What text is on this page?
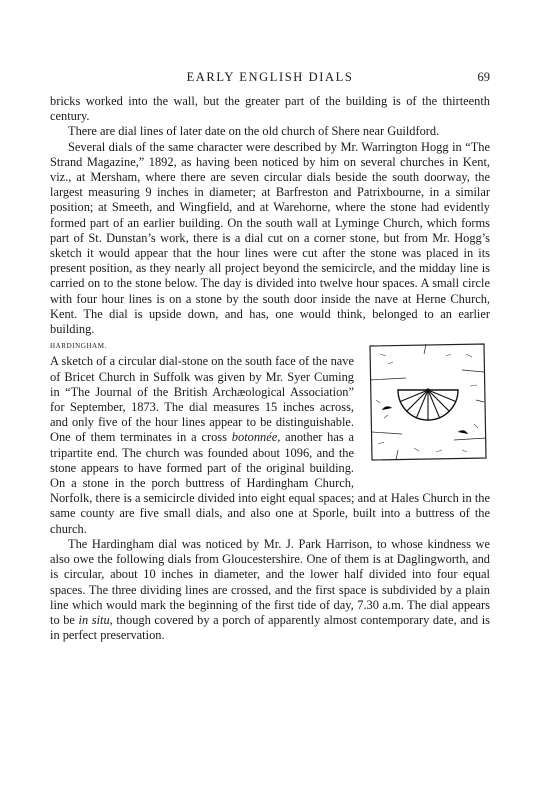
EARLY ENGLISH DIALS	69

bricks worked into the wall, but the greater part of the building is of the thirteenth century.

There are dial lines of later date on the old church of Shere near Guildford.

Several dials of the same character were described by Mr. Warrington Hogg in “The Strand Magazine,” 1892, as having been noticed by him on several churches in Kent, viz., at Mersham, where there are seven circular dials beside the south doorway, the largest measuring 9 inches in diameter; at Barfreston and Patrixbourne, in a similar position; at Smeeth, and Wingfield, and at Warehorne, where the stone had evidently formed part of an earlier building. On the south wall at Lyminge Church, which forms part of St. Dunstan’s work, there is a dial cut on a corner stone, but from Mr. Hogg’s sketch it would appear that the hour lines were cut after the stone was placed in its present position, as they nearly all project beyond the semicircle, and the midday line is carried on to the stone below. The day is divided into twelve hour spaces. A small circle with four hour lines is on a stone by the south door inside the nave at Herne Church, Kent. The dial is upside down, and has, one would think, belonged to an earlier building.

HARDINGHAM.
A sketch of a circular dial-stone on the south face of the nave of Bricet Church in Suffolk was given by Mr. Syer Cuming in “The Journal of the British Archæological Association” for September, 1873. The dial measures 15 inches across, and only five of the hour lines appear to be distinguishable. One of them terminates in a cross botonnée, another has a tripartite end. The church was founded about 1096, and the stone appears to have formed part of the original building. On a stone in the porch buttress of Hardingham Church, Norfolk, there is a semicircle divided into eight equal spaces; and at Hales Church in the same county are five small dials, and also one at Sporle, built into a buttress of the church.

The Hardingham dial was noticed by Mr. J. Park Harrison, to whose kindness we also owe the following dials from Gloucestershire. One of them is at Daglingworth, and is circular, about 10 inches in diameter, and the lower half divided into four equal spaces. The three dividing lines are crossed, and the first space is subdivided by a plain line which would mark the beginning of the first tide of day, 7.30 a.m. The dial appears to be in situ, though covered by a porch of apparently almost contemporary date, and is in perfect preservation.
